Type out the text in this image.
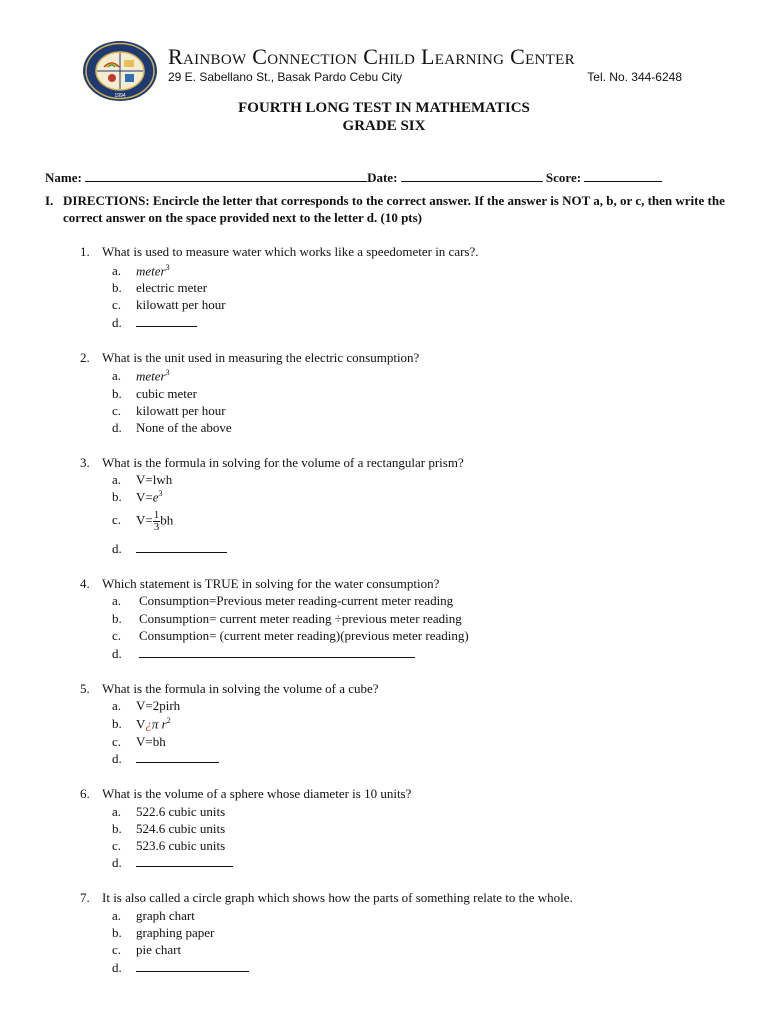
1994
Rainbow Connection Child Learning Center
29 E. Sabellano St., Basak Pardo Cebu City	Tel. No. 344-6248
FOURTH LONG TEST IN MATHEMATICS
GRADE SIX
Name:	Date:	Score:
I. DIRECTIONS: Encircle the letter that corresponds to the correct answer. If the answer is NOT a, b, or c, then write the correct answer on the space provided next to the letter d. (10 pts)
1. What is used to measure water which works like a speedometer in cars?.
a. meter$^3$
b. electric meter
c. kilowatt per hour
d.
2. What is the unit used in measuring the electric consumption?
a. meter$^3$
b. cubic meter
c. kilowatt per hour
d. None of the above
3. What is the formula in solving for the volume of a rectangular prism?
a. V=lwh
b. $V=e^3$
c. $V= \frac{1}{3}$ bh
d.
4. Which statement is TRUE in solving for the water consumption?
a. Consumption=Previous meter reading-current meter reading
b. Consumption= current meter reading ÷previous meter reading
c. Consumption= (current meter reading)(previous meter reading)
d.
5. What is the formula in solving the volume of a cube?
a. V=2pirh
b. V¿π $r^2$
c. V=bh
d.
6. What is the volume of a sphere whose diameter is 10 units?
a. 522.6 cubic units
b. 524.6 cubic units
c. 523.6 cubic units
d.
7. It is also called a circle graph which shows how the parts of something relate to the whole.
a. graph chart
b. graphing paper
c. pie chart
d.
